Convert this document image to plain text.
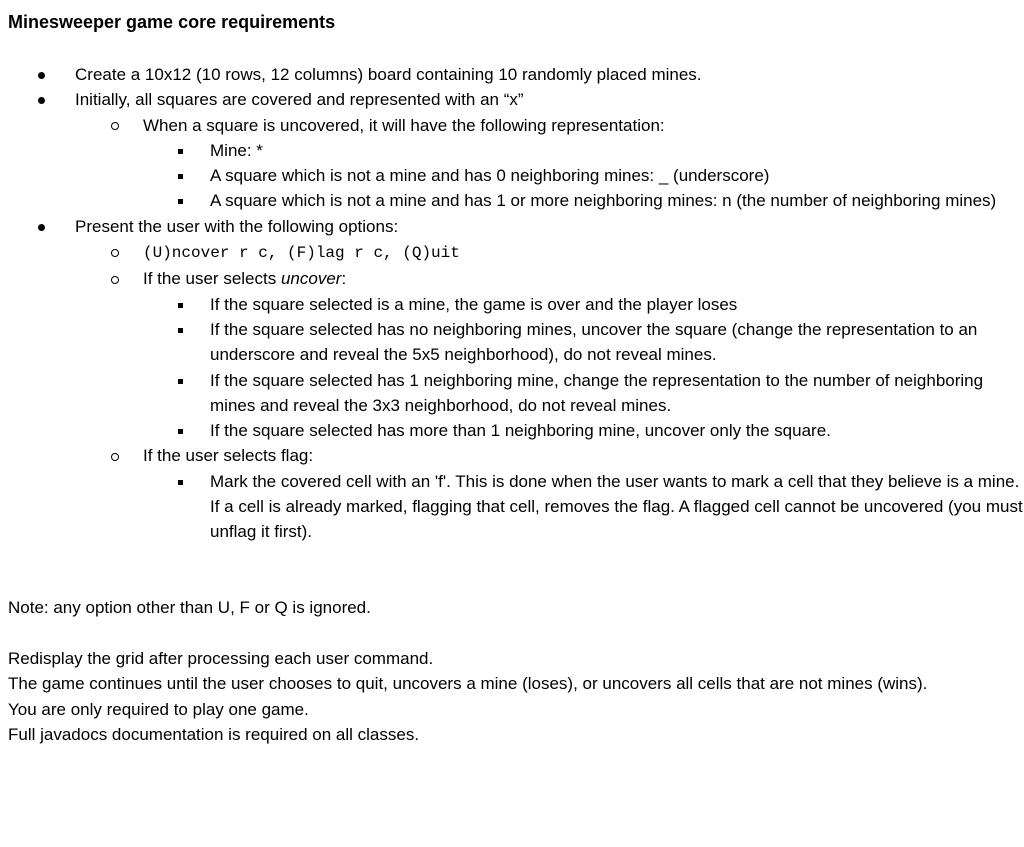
Minesweeper game core requirements
Create a 10x12 (10 rows, 12 columns) board containing 10 randomly placed mines.
Initially, all squares are covered and represented with an “x”
When a square is uncovered, it will have the following representation:
Mine: *
A square which is not a mine and has 0 neighboring mines: _ (underscore)
A square which is not a mine and has 1 or more neighboring mines: n (the number of neighboring mines)
Present the user with the following options:
(U)ncover r c, (F)lag r c, (Q)uit
If the user selects uncover:
If the square selected is a mine, the game is over and the player loses
If the square selected has no neighboring mines, uncover the square (change the representation to an underscore and reveal the 5x5 neighborhood), do not reveal mines.
If the square selected has 1 neighboring mine, change the representation to the number of neighboring mines and reveal the 3x3 neighborhood, do not reveal mines.
If the square selected has more than 1 neighboring mine, uncover only the square.
If the user selects flag:
Mark the covered cell with an 'f'. This is done when the user wants to mark a cell that they believe is a mine. If a cell is already marked, flagging that cell, removes the flag. A flagged cell cannot be uncovered (you must unflag it first).

Note: any option other than U, F or Q is ignored.

Redisplay the grid after processing each user command.
The game continues until the user chooses to quit, uncovers a mine (loses), or uncovers all cells that are not mines (wins).
You are only required to play one game.
Full javadocs documentation is required on all classes.
